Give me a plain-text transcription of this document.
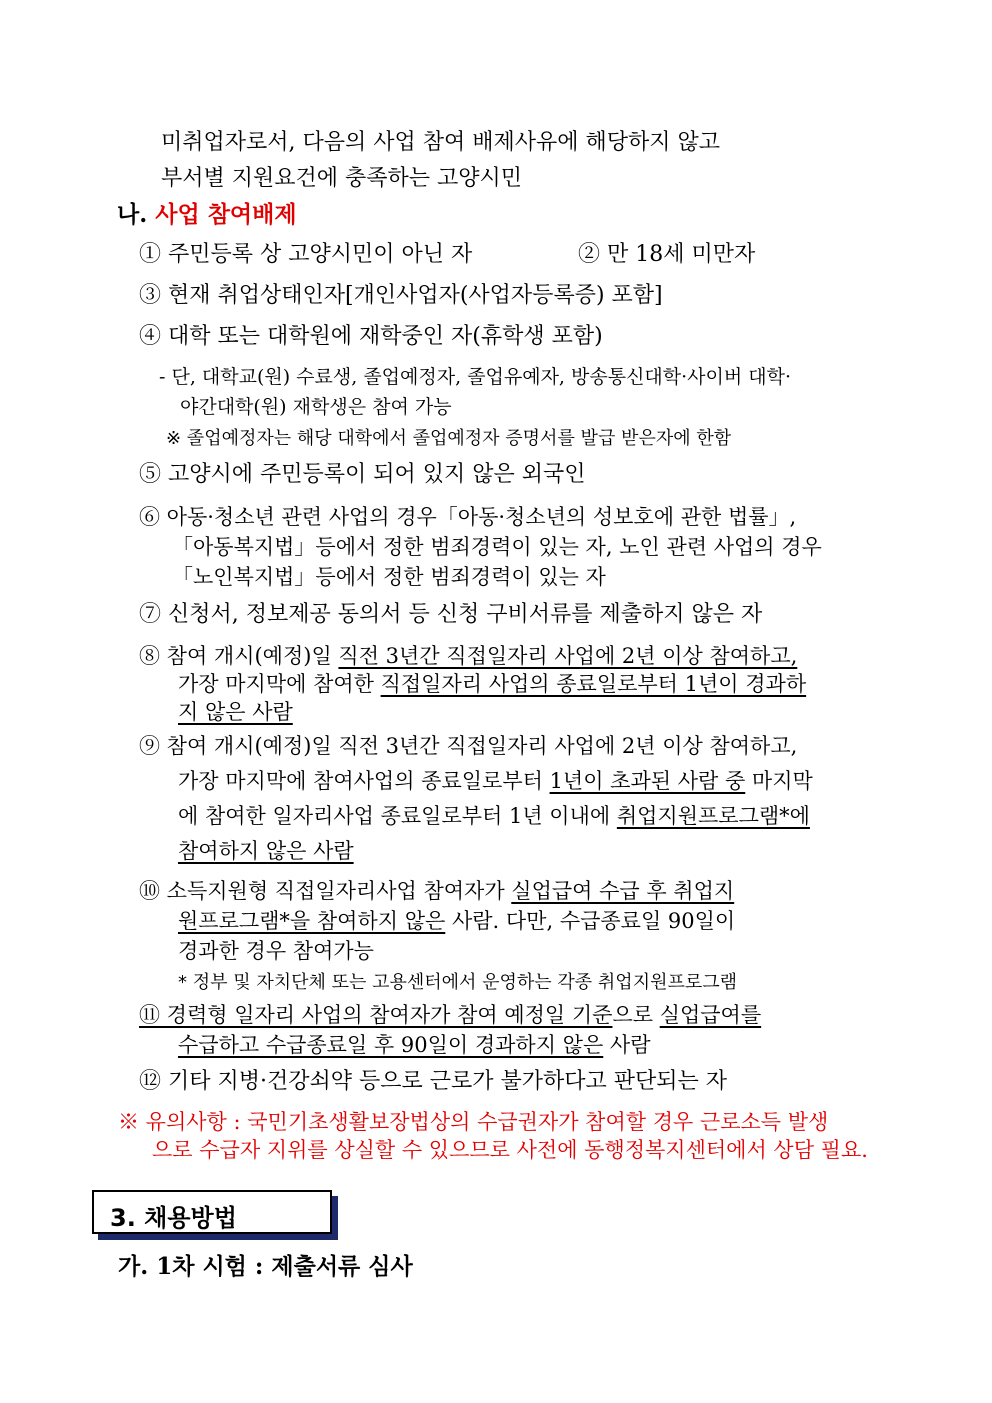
미취업자로서, 다음의 사업 참여 배제사유에 해당하지 않고
부서별 지원요건에 충족하는 고양시민
나. 사업 참여배제
① 주민등록 상 고양시민이 아닌 자	② 만 18세 미만자
③ 현재 취업상태인자[개인사업자(사업자등록증) 포함]
④ 대학 또는 대학원에 재학중인 자(휴학생 포함)
- 단, 대학교(원) 수료생, 졸업예정자, 졸업유예자, 방송통신대학·사이버 대학·
야간대학(원) 재학생은 참여 가능
※ 졸업예정자는 해당 대학에서 졸업예정자 증명서를 발급 받은자에 한함
⑤ 고양시에 주민등록이 되어 있지 않은 외국인
⑥ 아동·청소년 관련 사업의 경우「아동·청소년의 성보호에 관한 법률」,
「아동복지법」등에서 정한 범죄경력이 있는 자, 노인 관련 사업의 경우
「노인복지법」등에서 정한 범죄경력이 있는 자
⑦ 신청서, 정보제공 동의서 등 신청 구비서류를 제출하지 않은 자
⑧ 참여 개시(예정)일 직전 3년간 직접일자리 사업에 2년 이상 참여하고,
가장 마지막에 참여한 직접일자리 사업의 종료일로부터 1년이 경과하
지 않은 사람
⑨ 참여 개시(예정)일 직전 3년간 직접일자리 사업에 2년 이상 참여하고,
가장 마지막에 참여사업의 종료일로부터 1년이 초과된 사람 중 마지막
에 참여한 일자리사업 종료일로부터 1년 이내에 취업지원프로그램*에
참여하지 않은 사람
⑩ 소득지원형 직접일자리사업 참여자가 실업급여 수급 후 취업지
원프로그램*을 참여하지 않은 사람. 다만, 수급종료일 90일이
경과한 경우 참여가능
* 정부 및 자치단체 또는 고용센터에서 운영하는 각종 취업지원프로그램
⑪ 경력형 일자리 사업의 참여자가 참여 예정일 기준으로 실업급여를
수급하고 수급종료일 후 90일이 경과하지 않은 사람
⑫ 기타 지병·건강쇠약 등으로 근로가 불가하다고 판단되는 자
※ 유의사항 : 국민기초생활보장법상의 수급권자가 참여할 경우 근로소득 발생
으로 수급자 지위를 상실할 수 있으므로 사전에 동행정복지센터에서 상담 필요.
3. 채용방법
가. 1차 시험 : 제출서류 심사
